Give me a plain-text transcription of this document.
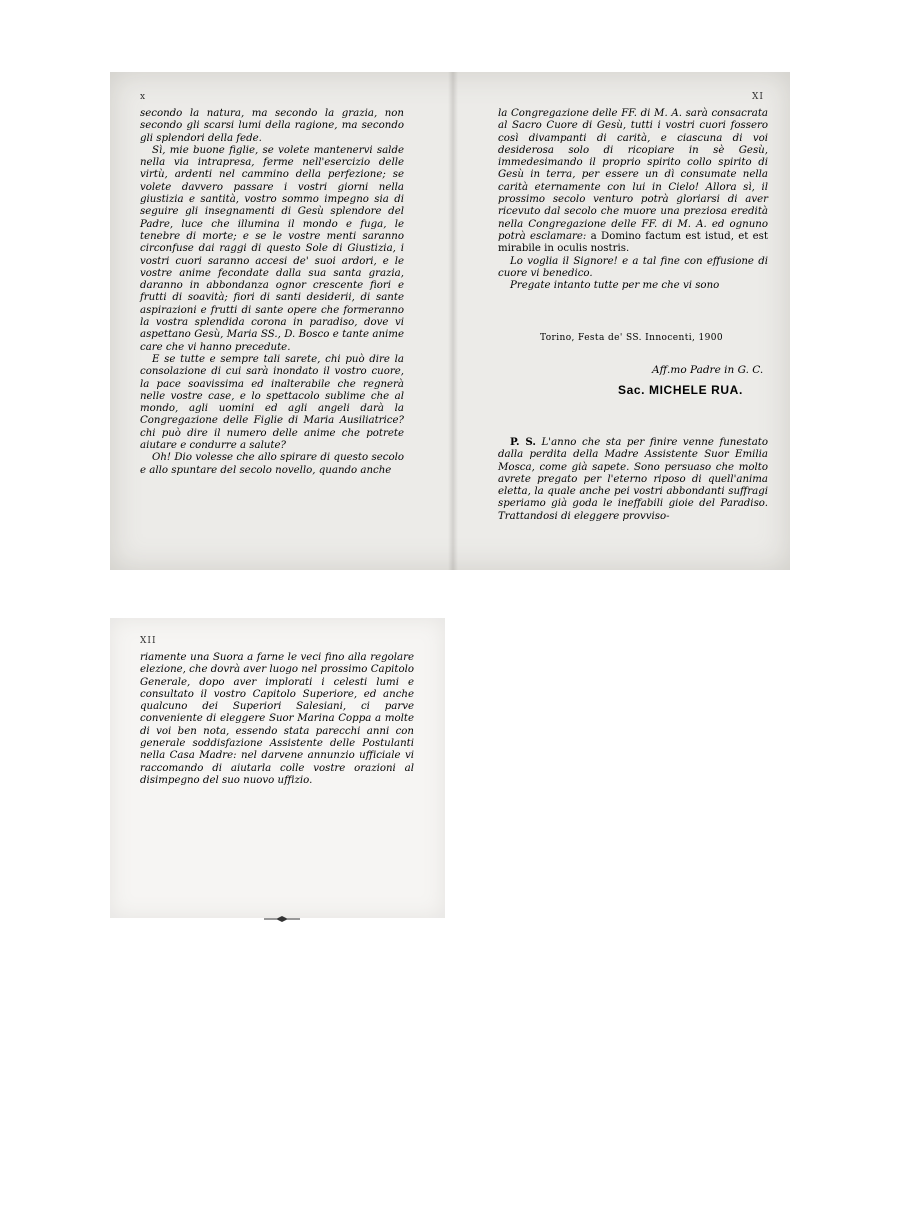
x

secondo la natura, ma secondo la grazia, non secondo gli scarsi lumi della ragione, ma secondo gli splendori della fede.

Sì, mie buone figlie, se volete mantenervi salde nella via intrapresa, ferme nell'esercizio delle virtù, ardenti nel cammino della perfezione; se volete davvero passare i vostri giorni nella giustizia e santità, vostro sommo impegno sia di seguire gli insegnamenti di Gesù splendore del Padre, luce che illumina il mondo e fuga, le tenebre di morte; e se le vostre menti saranno circonfuse dai raggi di questo Sole di Giustizia, i vostri cuori saranno accesi de' suoi ardori, e le vostre anime fecondate dalla sua santa grazia, daranno in abbondanza ognor crescente fiori e frutti di soavità; fiori di santi desiderii, di sante aspirazioni e frutti di sante opere che formeranno la vostra splendida corona in paradiso, dove vi aspettano Gesù, Maria SS., D. Bosco e tante anime care che vi hanno precedute.

E se tutte e sempre tali sarete, chi può dire la consolazione di cui sarà inondato il vostro cuore, la pace soavissima ed inalterabile che regnerà nelle vostre case, e lo spettacolo sublime che al mondo, agli uomini ed agli angeli darà la Congregazione delle Figlie di Maria Ausiliatrice? chi può dire il numero delle anime che potrete aiutare e condurre a salute?

Oh! Dio volesse che allo spirare di questo secolo e allo spuntare del secolo novello, quando anche

XI

la Congregazione delle FF. di M. A. sarà consacrata al Sacro Cuore di Gesù, tutti i vostri cuori fossero così divampanti di carità, e ciascuna di voi desiderosa solo di ricopiare in sè Gesù, immedesimando il proprio spirito collo spirito di Gesù in terra, per essere un dì consumate nella carità eternamente con lui in Cielo! Allora sì, il prossimo secolo venturo potrà gloriarsi di aver ricevuto dal secolo che muore una preziosa eredità nella Congregazione delle FF. di M. A. ed ognuno potrà esclamare: a Domino factum est istud, et est mirabile in oculis nostris.

Lo voglia il Signore! e a tal fine con effusione di cuore vi benedico.

Pregate intanto tutte per me che vi sono

Torino, Festa de' SS. Innocenti, 1900
Aff.mo Padre in G. C.
Sac. MICHELE RUA.

P. S. L'anno che sta per finire venne funestato dalla perdita della Madre Assistente Suor Emilia Mosca, come già sapete. Sono persuaso che molto avrete pregato per l'eterno riposo di quell'anima eletta, la quale anche pei vostri abbondanti suffragi speriamo già goda le ineffabili gioie del Paradiso. Trattandosi di eleggere provviso-

XII

riamente una Suora a farne le veci fino alla regolare elezione, che dovrà aver luogo nel prossimo Capitolo Generale, dopo aver implorati i celesti lumi e consultato il vostro Capitolo Superiore, ed anche qualcuno dei Superiori Salesiani, ci parve conveniente di eleggere Suor Marina Coppa a molte di voi ben nota, essendo stata parecchi anni con generale soddisfazione Assistente delle Postulanti nella Casa Madre: nel darvene annunzio ufficiale vi raccomando di aiutarla colle vostre orazioni al disimpegno del suo nuovo uffizio.
